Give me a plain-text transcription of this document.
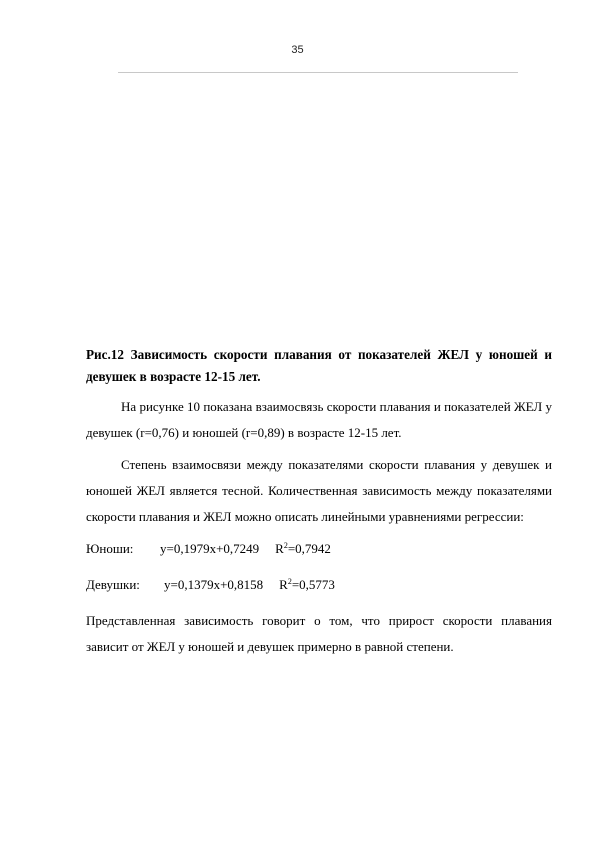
35

Рис.12 Зависимость скорости плавания от показателей ЖЕЛ у юношей и девушек в возрасте 12-15 лет.

На рисунке 10 показана взаимосвязь скорости плавания и показателей ЖЕЛ у девушек (r=0,76) и юношей (r=0,89) в возрасте 12-15 лет.

Степень взаимосвязи между показателями скорости плавания у девушек и юношей ЖЕЛ является тесной. Количественная зависимость между показателями скорости плавания и ЖЕЛ можно описать линейными уравнениями регрессии:

Юноши: y=0,1979x+0,7249 $R^2=0,7942$
Девушки: y=0,1379x+0,8158 $R^2=0,5773$

Представленная зависимость говорит о том, что прирост скорости плавания зависит от ЖЕЛ у юношей и девушек примерно в равной степени.
